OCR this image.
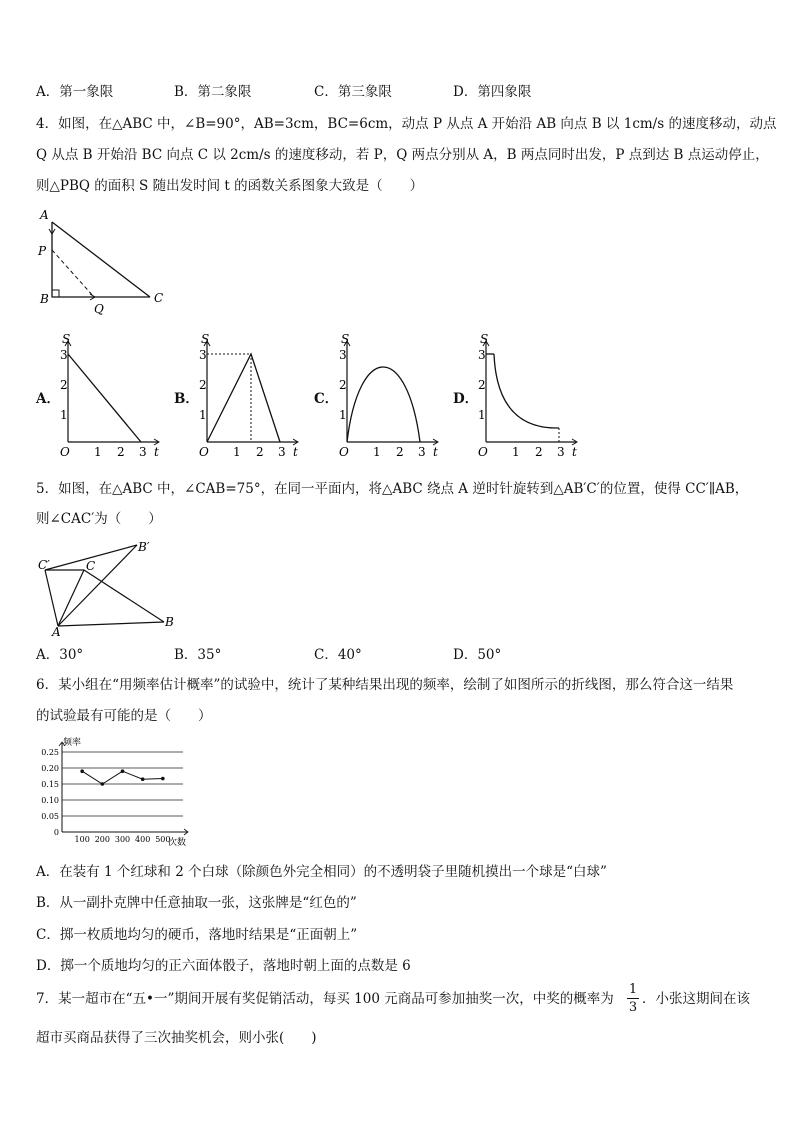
A．第一象限	B．第二象限	C．第三象限	D．第四象限
4．如图，在△ABC 中，∠B=90°，AB=3cm，BC=6cm，动点 P 从点 A 开始沿 AB 向点 B 以 1cm/s 的速度移动，动点
Q 从点 B 开始沿 BC 向点 C 以 2cm/s 的速度移动，若 P，Q 两点分别从 A，B 两点同时出发，P 点到达 B 点运动停止，
则△PBQ 的面积 S 随出发时间 t 的函数关系图象大致是（　　）
A
P
B
Q
C
A．	B．	C．	D．
S
3
2
1
O 1 2 3 t
S
3
2
1
O 1 2 3 t
S
3
2
1
O 1 2 3 t
S
3
2
1
O 1 2 3 t
5．如图，在△ABC 中，∠CAB=75°，在同一平面内，将△ABC 绕点 A 逆时针旋转到△AB′C′的位置，使得 CC′∥AB，
则∠CAC′为（　　）
B′
C′	C
A
B
A．30°	B．35°	C．40°	D．50°
6．某小组在“用频率估计概率”的试验中，统计了某种结果出现的频率，绘制了如图所示的折线图，那么符合这一结果
的试验最有可能的是（　　）
0
0.05
0.10
0.15
0.20
0.25
100 200 300 400 500
频率
次数
A．在装有 1 个红球和 2 个白球（除颜色外完全相同）的不透明袋子里随机摸出一个球是“白球”
B．从一副扑克牌中任意抽取一张，这张牌是“红色的”
C．掷一枚质地均匀的硬币，落地时结果是“正面朝上”
D．掷一个质地均匀的正六面体骰子，落地时朝上面的点数是 6
7．某一超市在“五•一”期间开展有奖促销活动，每买 100 元商品可参加抽奖一次，中奖的概率为
1
3
．小张这期间在该
超市买商品获得了三次抽奖机会，则小张(　　)
